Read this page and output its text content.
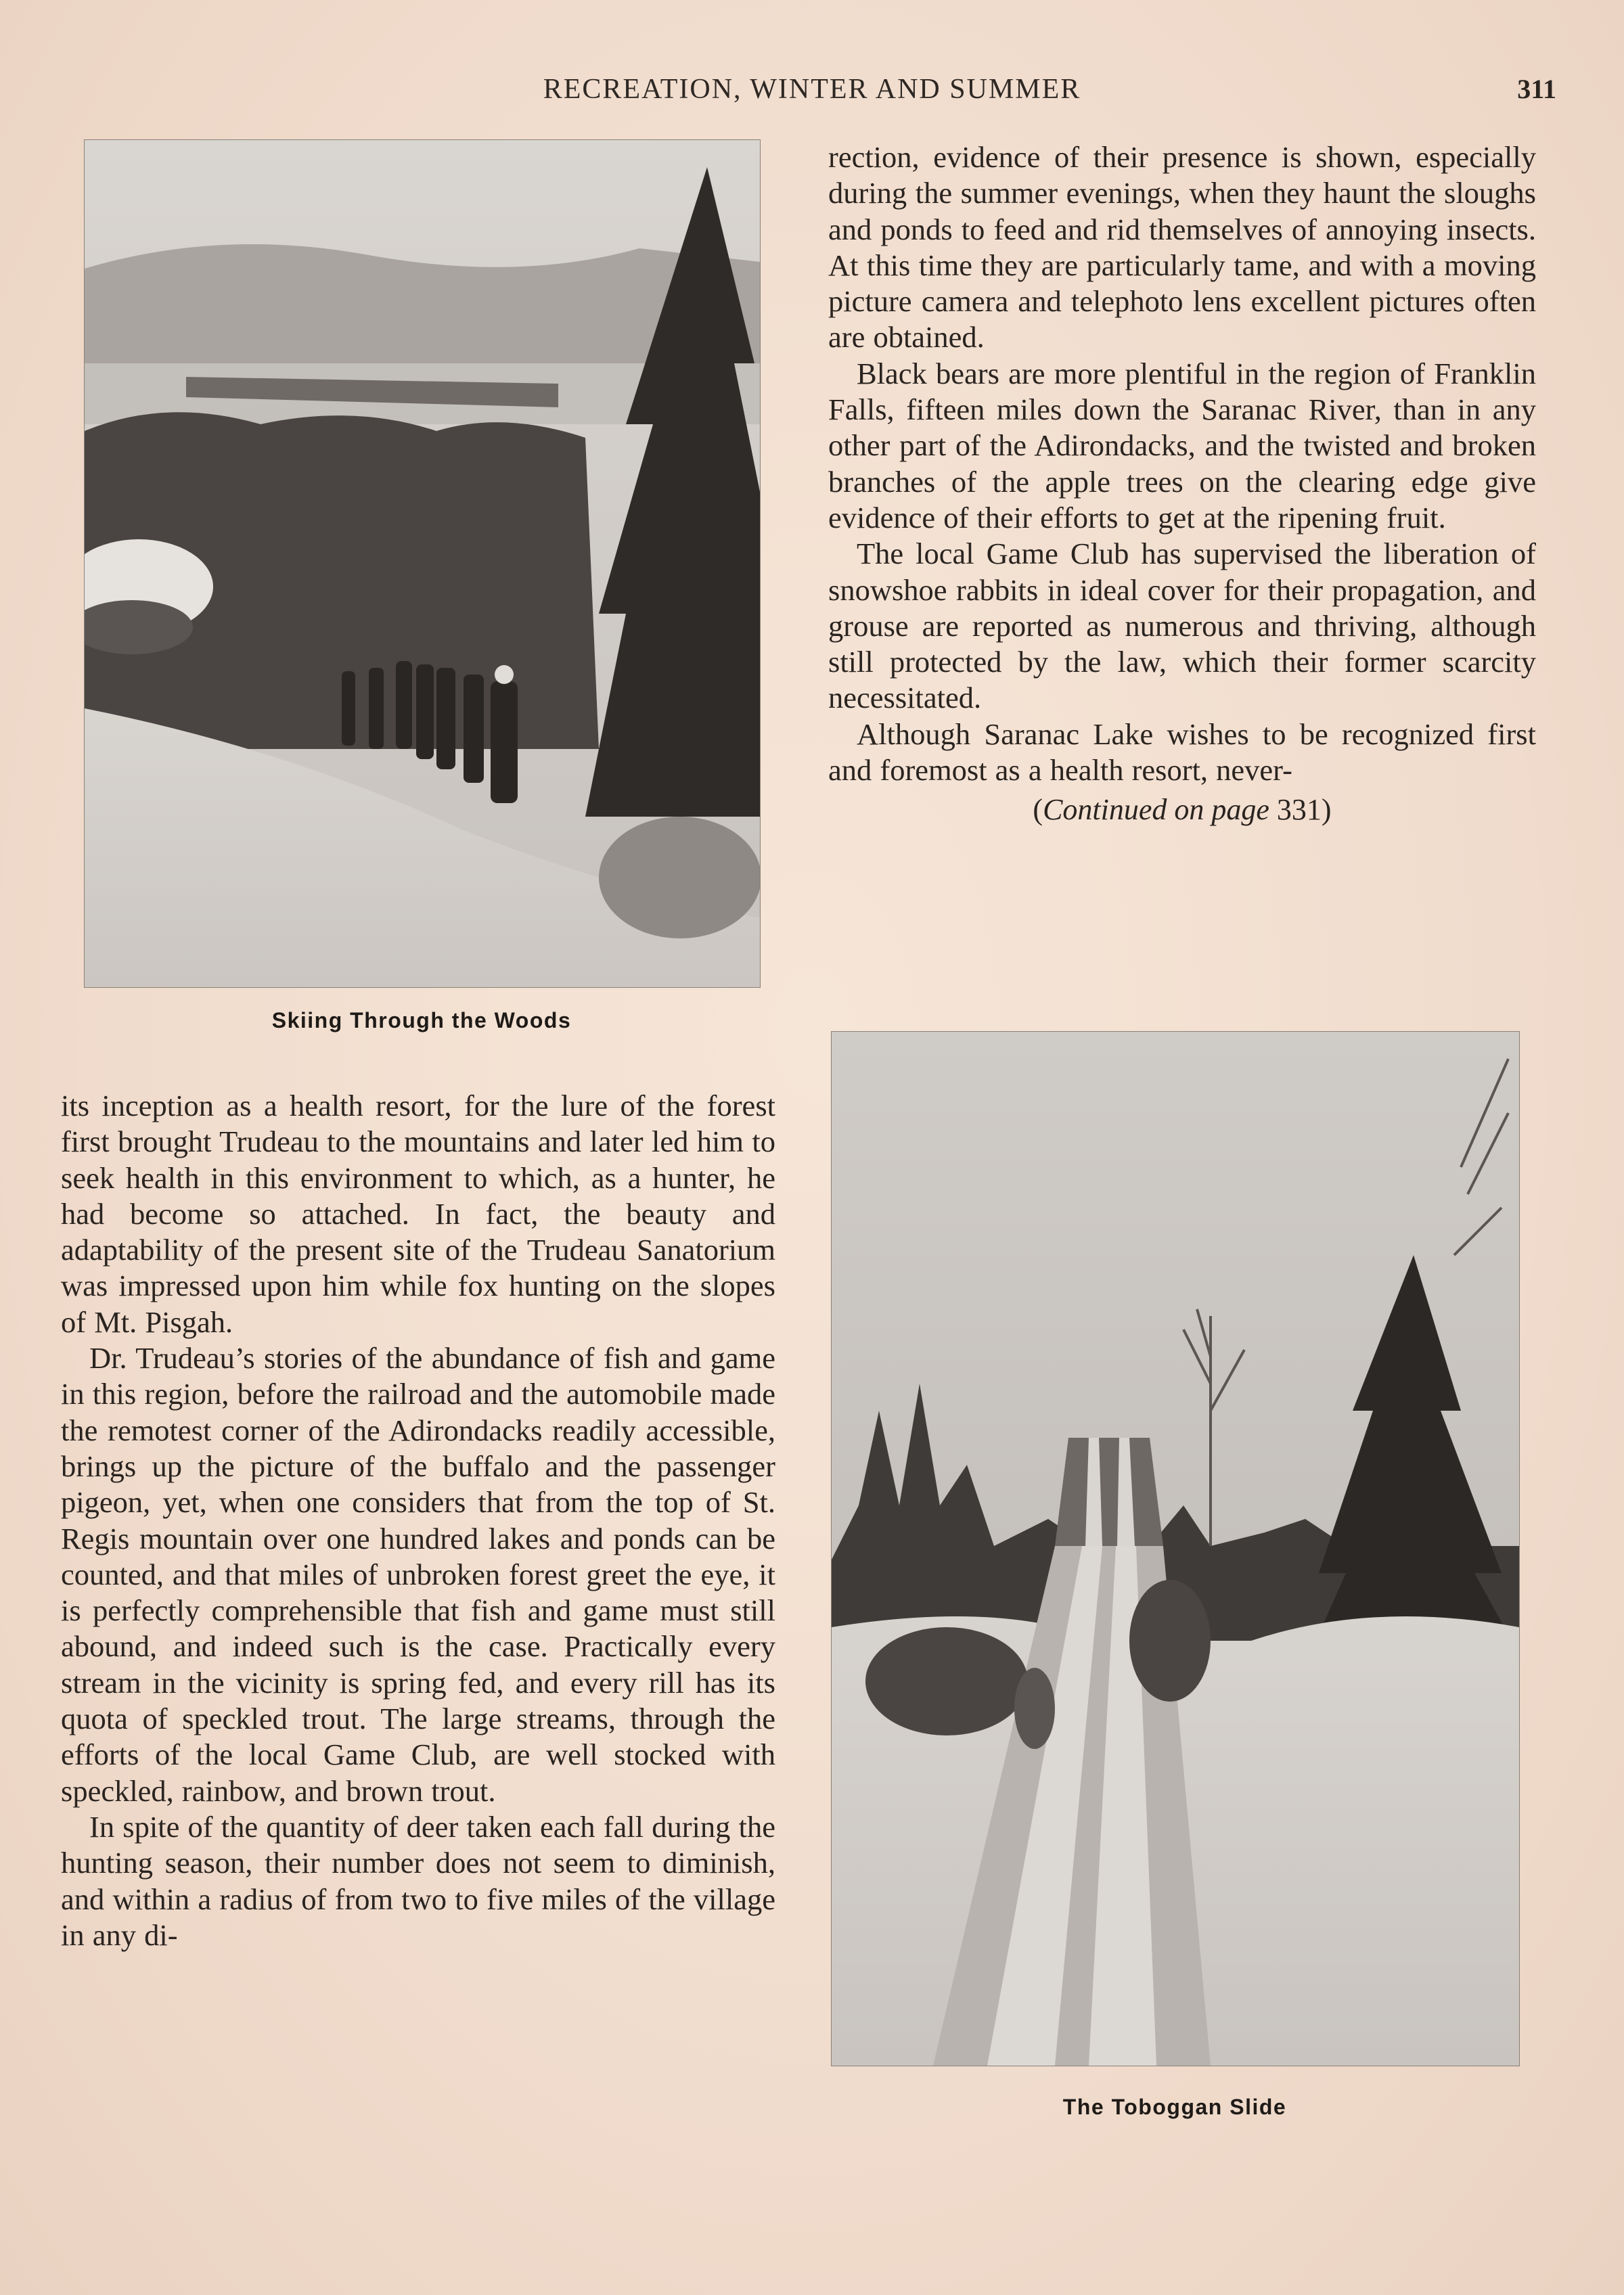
RECREATION, WINTER AND SUMMER	311
Skiing Through the Woods

rection, evidence of their presence is shown, especially during the summer evenings, when they haunt the sloughs and ponds to feed and rid themselves of annoying insects. At this time they are particularly tame, and with a moving picture camera and telephoto lens excellent pictures often are obtained.

Black bears are more plentiful in the region of Franklin Falls, fifteen miles down the Saranac River, than in any other part of the Adirondacks, and the twisted and broken branches of the apple trees on the clearing edge give evidence of their efforts to get at the ripening fruit.

The local Game Club has supervised the liberation of snowshoe rabbits in ideal cover for their propagation, and grouse are reported as numerous and thriving, although still protected by the law, which their former scarcity necessitated.

Although Saranac Lake wishes to be recognized first and foremost as a health resort, never-

(Continued on page 331)

its inception as a health resort, for the lure of the forest first brought Trudeau to the mountains and later led him to seek health in this environment to which, as a hunter, he had become so attached. In fact, the beauty and adaptability of the present site of the Trudeau Sanatorium was impressed upon him while fox hunting on the slopes of Mt. Pisgah.

Dr. Trudeau’s stories of the abundance of fish and game in this region, before the railroad and the automobile made the remotest corner of the Adirondacks readily accessible, brings up the picture of the buffalo and the passenger pigeon, yet, when one considers that from the top of St. Regis mountain over one hundred lakes and ponds can be counted, and that miles of unbroken forest greet the eye, it is perfectly comprehensible that fish and game must still abound, and indeed such is the case. Practically every stream in the vicinity is spring fed, and every rill has its quota of speckled trout. The large streams, through the efforts of the local Game Club, are well stocked with speckled, rainbow, and brown trout.

In spite of the quantity of deer taken each fall during the hunting season, their number does not seem to diminish, and within a radius of from two to five miles of the village in any di-

The Toboggan Slide
